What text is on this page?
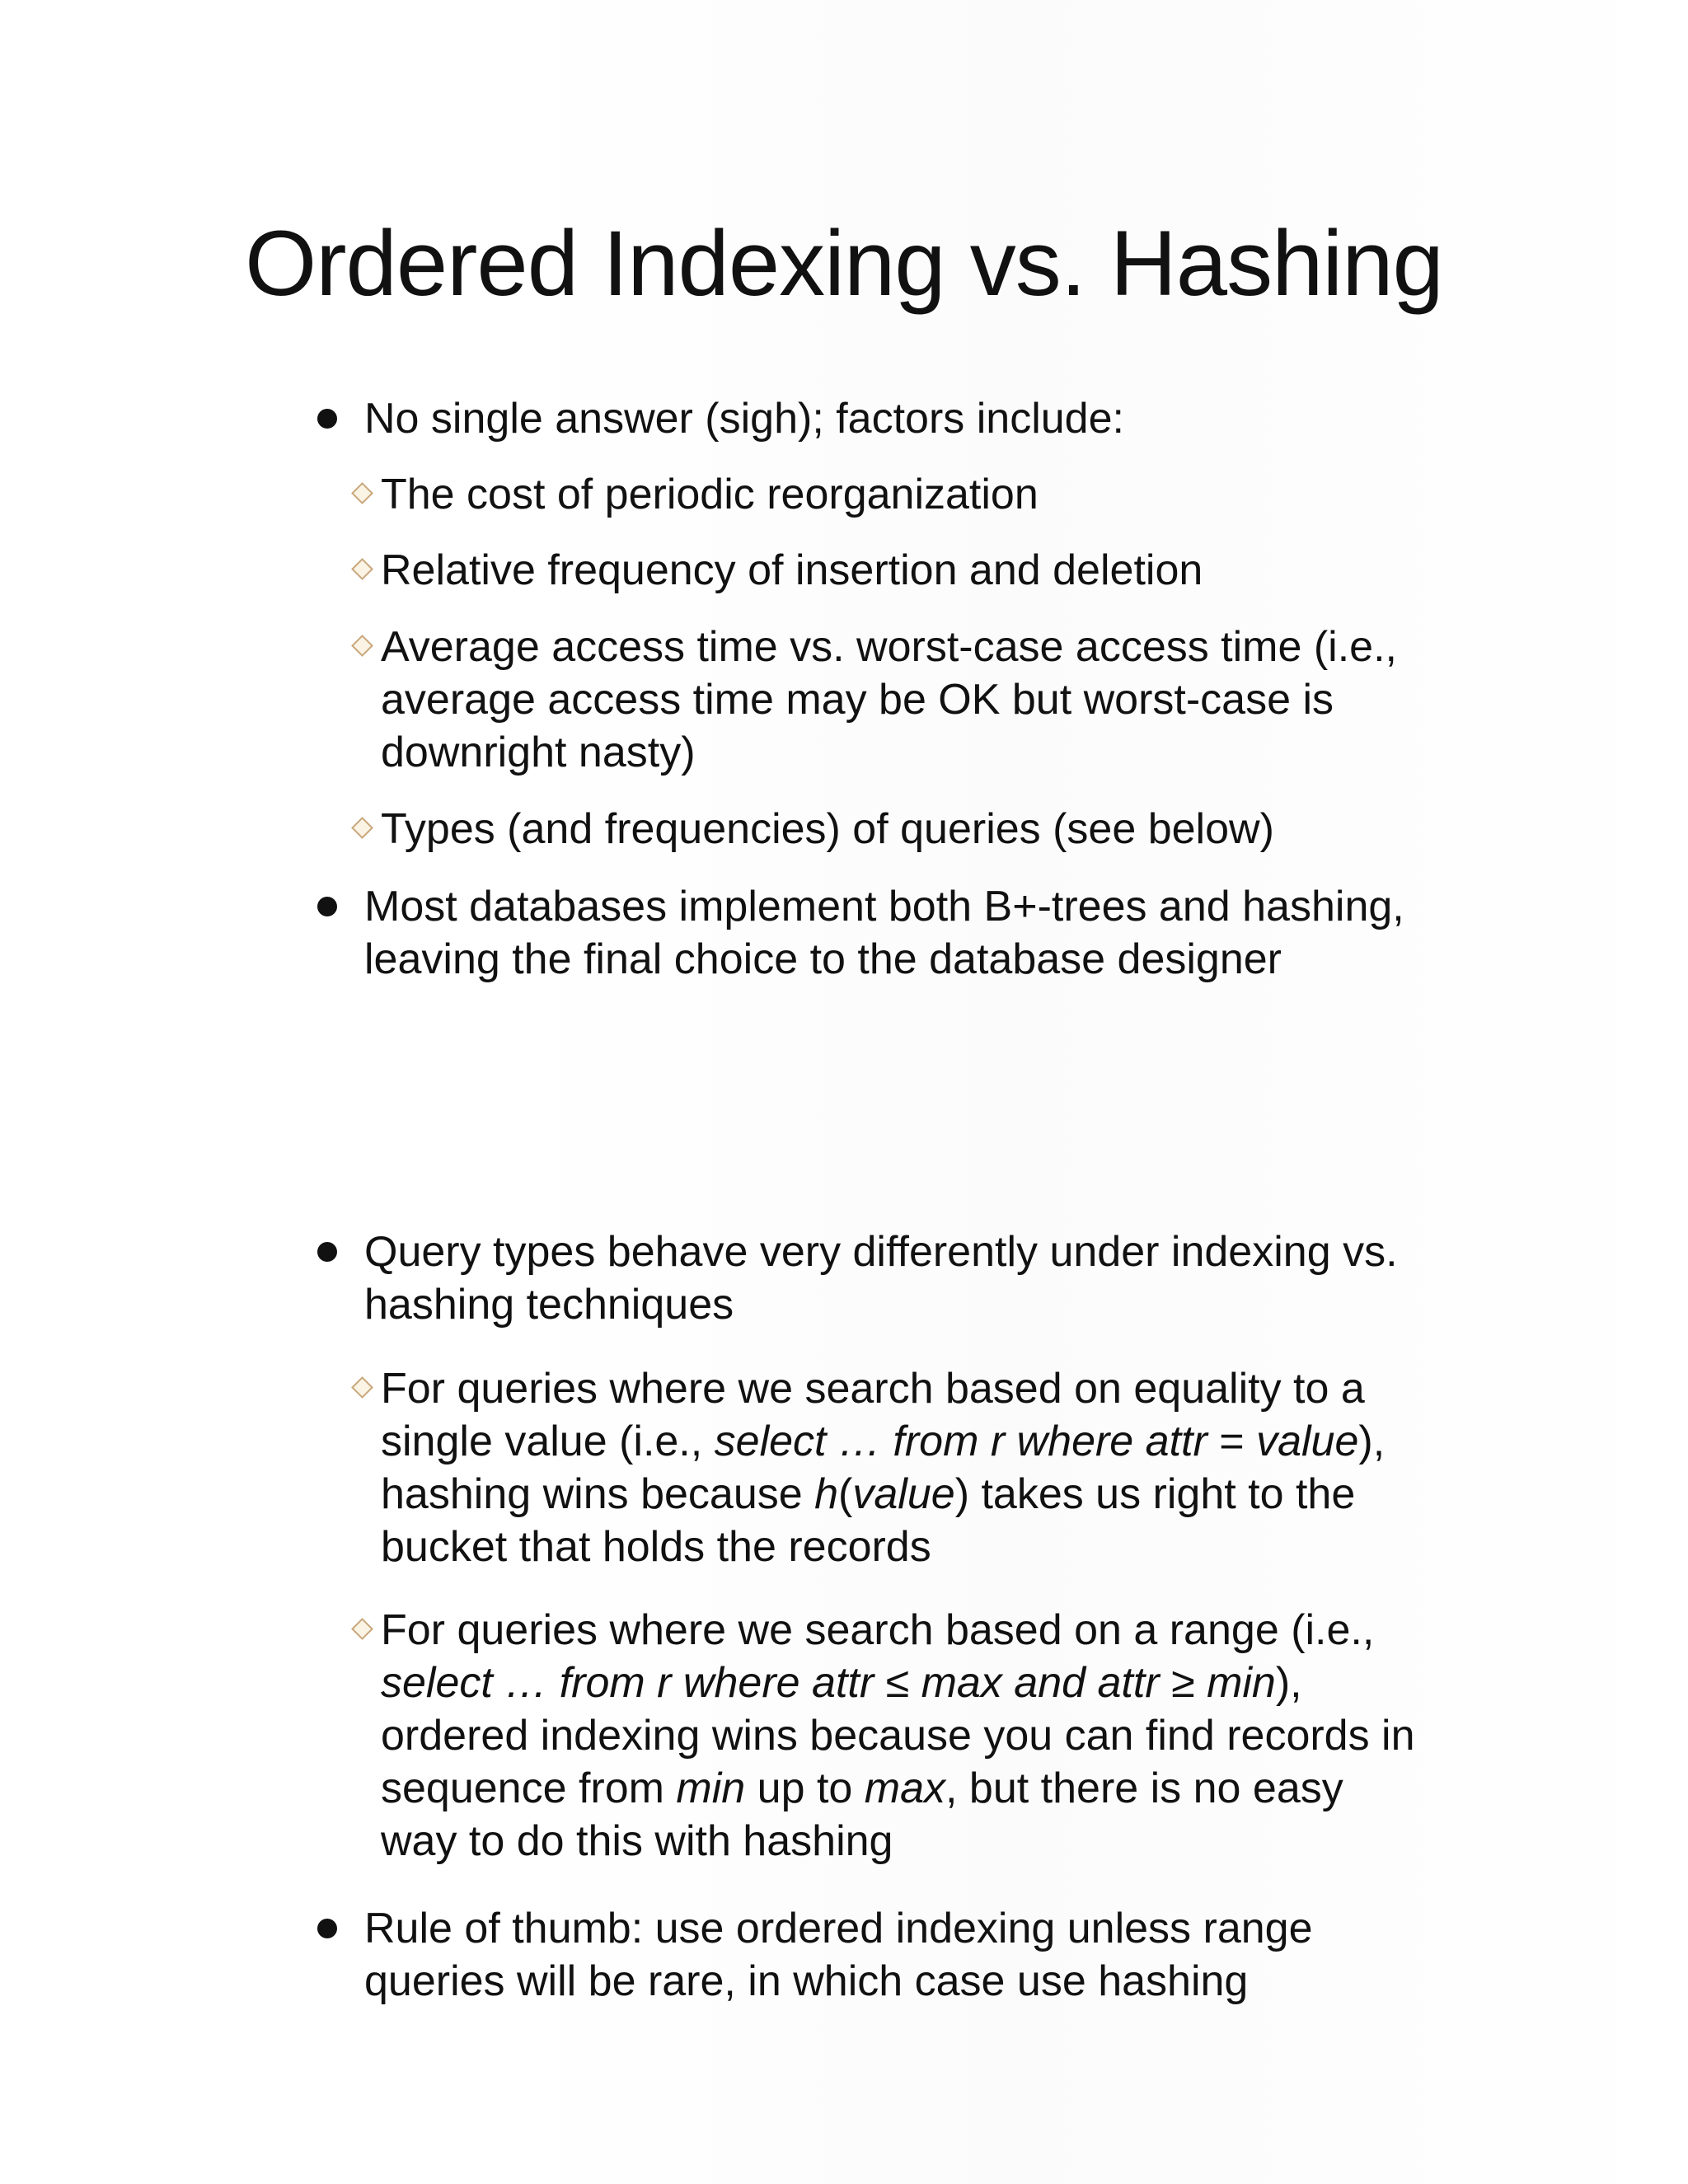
Ordered Indexing vs. Hashing
No single answer (sigh); factors include:
The cost of periodic reorganization
Relative frequency of insertion and deletion
Average access time vs. worst-case access time (i.e.,
average access time may be OK but worst-case is
downright nasty)
Types (and frequencies) of queries (see below)
Most databases implement both B+-trees and hashing,
leaving the final choice to the database designer
Query types behave very differently under indexing vs.
hashing techniques
For queries where we search based on equality to a
single value (i.e., select … from r where attr = value),
hashing wins because h(value) takes us right to the
bucket that holds the records
For queries where we search based on a range (i.e.,
select … from r where attr ≤ max and attr ≥ min),
ordered indexing wins because you can find records in
sequence from min up to max, but there is no easy
way to do this with hashing
Rule of thumb: use ordered indexing unless range
queries will be rare, in which case use hashing
